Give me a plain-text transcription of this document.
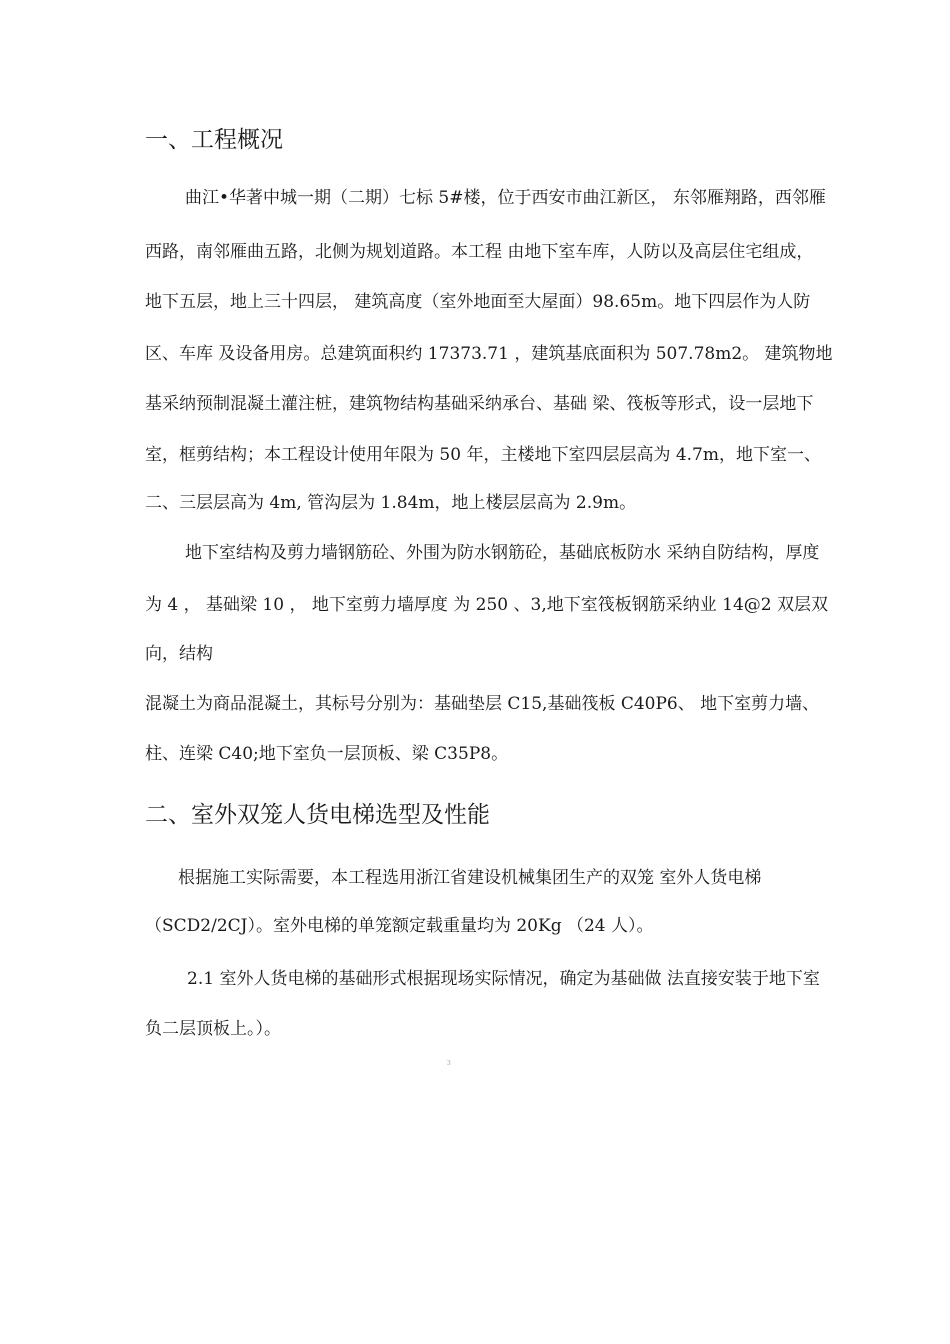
一、工程概况

曲江•华著中城一期（二期）七标 5#楼，位于西安市曲江新区， 东邻雁翔路，西邻雁

西路，南邻雁曲五路，北侧为规划道路。本工程 由地下室车库，人防以及高层住宅组成，

地下五层，地上三十四层， 建筑高度（室外地面至大屋面）98.65m。地下四层作为人防

区、车库 及设备用房。总建筑面积约 17373.71 ，建筑基底面积为 507.78m2。 建筑物地

基采纳预制混凝土灌注桩，建筑物结构基础采纳承台、基础 梁、筏板等形式，设一层地下

室，框剪结构；本工程设计使用年限为 50 年，主楼地下室四层层高为 4.7m，地下室一、

二、三层层高为 4m, 管沟层为 1.84m，地上楼层层高为 2.9m。

地下室结构及剪力墙钢筋砼、外围为防水钢筋砼，基础底板防水 采纳自防结构，厚度

为 4 ， 基础梁 10 ， 地下室剪力墙厚度 为 250 、3,地下室筏板钢筋采纳业 14@2 双层双

向，结构

混凝土为商品混凝土，其标号分别为：基础垫层 C15,基础筏板 C40P6、 地下室剪力墙、

柱、连梁 C40;地下室负一层顶板、梁 C35P8。

二、室外双笼人货电梯选型及性能

根据施工实际需要，本工程选用浙江省建设机械集团生产的双笼 室外人货电梯

（SCD2/2CJ）。室外电梯的单笼额定载重量均为 20Kg （24 人）。

2.1 室外人货电梯的基础形式根据现场实际情况，确定为基础做 法直接安装于地下室

负二层顶板上。）。

3
